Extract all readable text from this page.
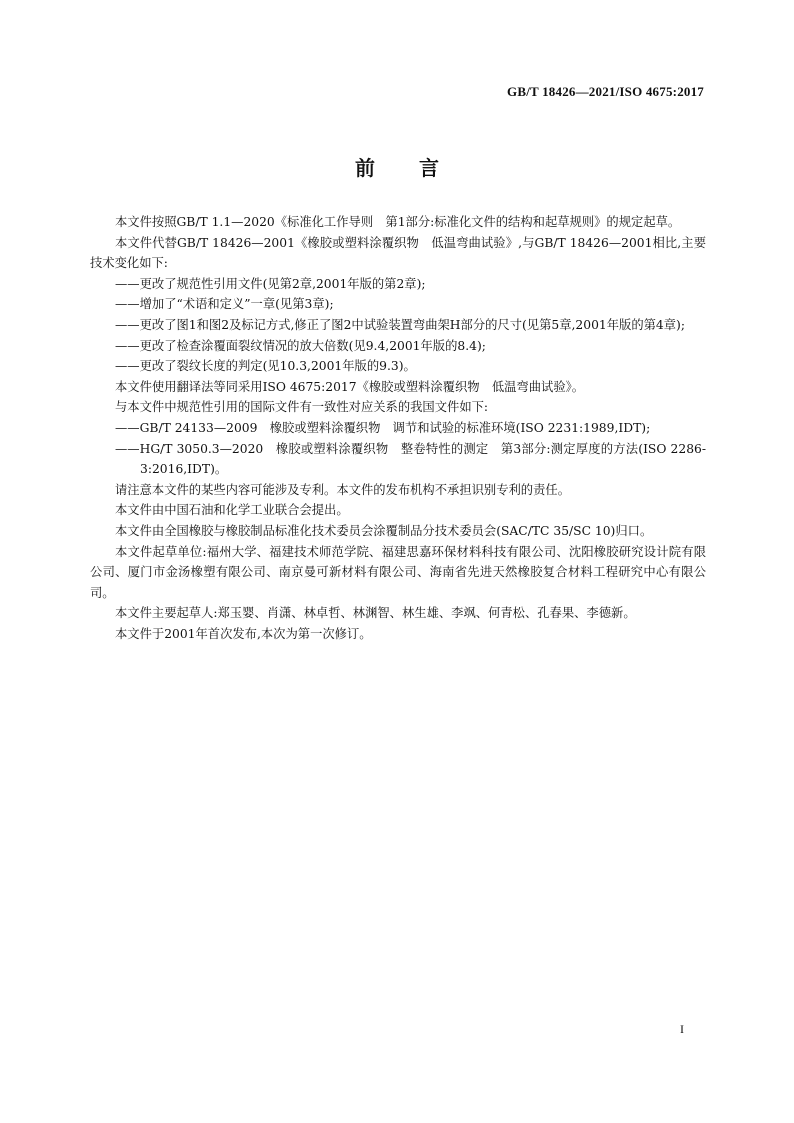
GB/T 18426—2021/ISO 4675:2017
前言

本文件按照GB/T 1.1—2020《标准化工作导则　第1部分:标准化文件的结构和起草规则》的规定起草。

本文件代替GB/T 18426—2001《橡胶或塑料涂覆织物　低温弯曲试验》,与GB/T 18426—2001相比,主要技术变化如下:

——更改了规范性引用文件(见第2章,2001年版的第2章);

——增加了“术语和定义”一章(见第3章);

——更改了图1和图2及标记方式,修正了图2中试验装置弯曲架H部分的尺寸(见第5章,2001年版的第4章);

——更改了检查涂覆面裂纹情况的放大倍数(见9.4,2001年版的8.4);

——更改了裂纹长度的判定(见10.3,2001年版的9.3)。

本文件使用翻译法等同采用ISO 4675:2017《橡胶或塑料涂覆织物　低温弯曲试验》。

与本文件中规范性引用的国际文件有一致性对应关系的我国文件如下:

——GB/T 24133—2009　橡胶或塑料涂覆织物　调节和试验的标准环境(ISO 2231:1989,IDT);

——HG/T 3050.3—2020　橡胶或塑料涂覆织物　整卷特性的测定　第3部分:测定厚度的方法(ISO 2286-3:2016,IDT)。

请注意本文件的某些内容可能涉及专利。本文件的发布机构不承担识别专利的责任。

本文件由中国石油和化学工业联合会提出。

本文件由全国橡胶与橡胶制品标准化技术委员会涂覆制品分技术委员会(SAC/TC 35/SC 10)归口。

本文件起草单位:福州大学、福建技术师范学院、福建思嘉环保材料科技有限公司、沈阳橡胶研究设计院有限公司、厦门市金汤橡塑有限公司、南京曼可新材料有限公司、海南省先进天然橡胶复合材料工程研究中心有限公司。

本文件主要起草人:郑玉婴、肖潇、林卓哲、林渊智、林生雄、李飒、何青松、孔春果、李德新。

本文件于2001年首次发布,本次为第一次修订。

I
